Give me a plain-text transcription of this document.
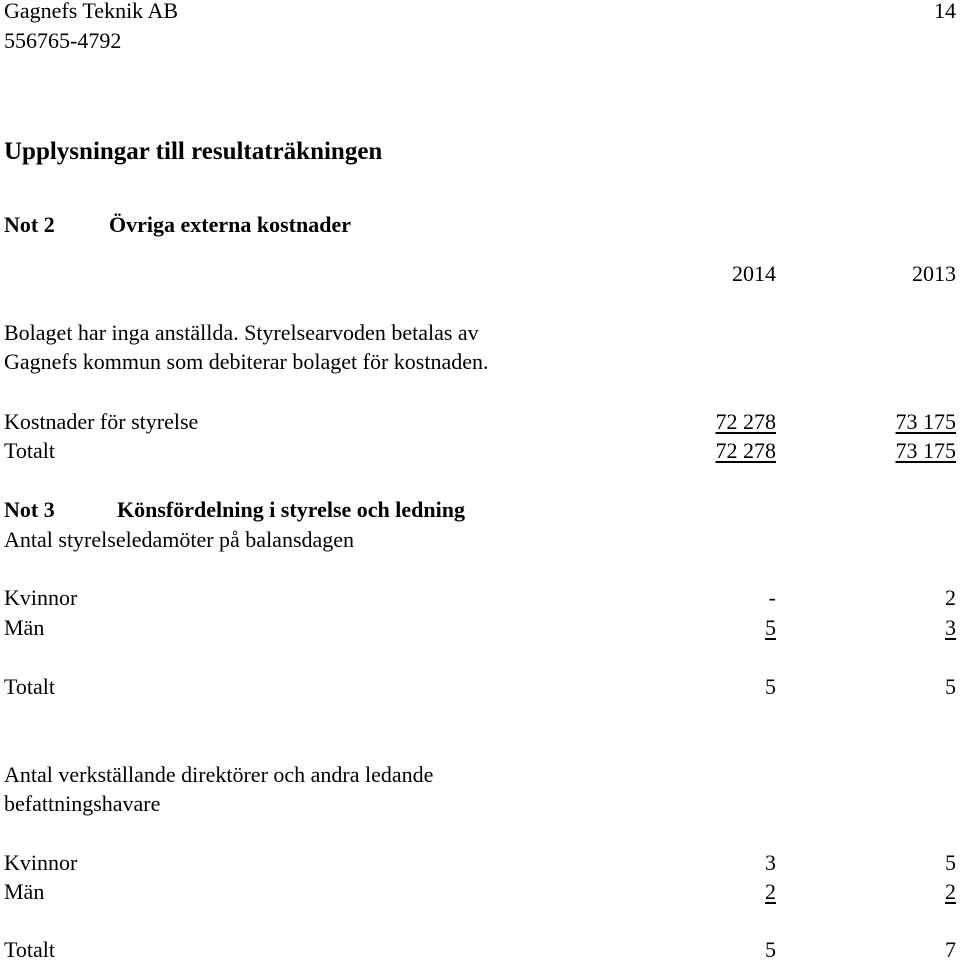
Gagnefs Teknik AB
556765-4792
14
Upplysningar till resultaträkningen
Not 2 Övriga externa kostnader
2014	2013
Bolaget har inga anställda. Styrelsearvoden betalas av
Gagnefs kommun som debiterar bolaget för kostnaden.
Kostnader för styrelse	72 278	73 175
Totalt	72 278	73 175
Not 3	Könsfördelning i styrelse och ledning
Antal styrelseledamöter på balansdagen
Kvinnor	-	2
Män	5	3
Totalt	5	5
Antal verkställande direktörer och andra ledande
befattningshavare
Kvinnor	3	5
Män	2	2
Totalt	5	7
